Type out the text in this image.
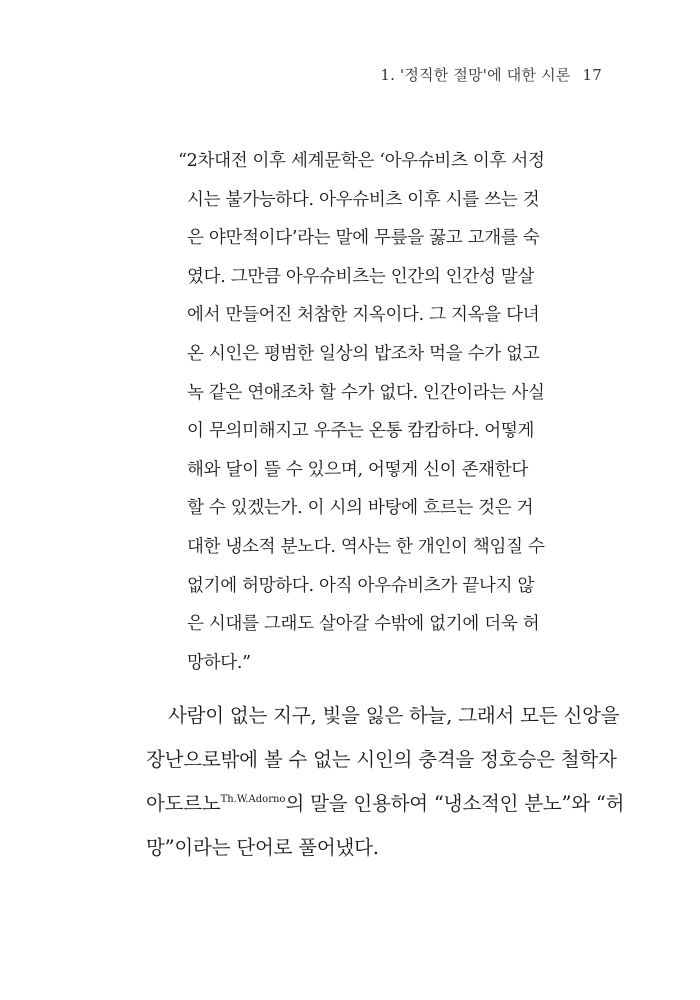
1. '정직한 절망'에 대한 시론 17
“2차대전 이후 세계문학은 ‘아우슈비츠 이후 서정
시는 불가능하다. 아우슈비츠 이후 시를 쓰는 것
은 야만적이다’라는 말에 무릎을 꿇고 고개를 숙
였다. 그만큼 아우슈비츠는 인간의 인간성 말살
에서 만들어진 처참한 지옥이다. 그 지옥을 다녀
온 시인은 평범한 일상의 밥조차 먹을 수가 없고
녹 같은 연애조차 할 수가 없다. 인간이라는 사실
이 무의미해지고 우주는 온통 캄캄하다. 어떻게
해와 달이 뜰 수 있으며, 어떻게 신이 존재한다
할 수 있겠는가. 이 시의 바탕에 흐르는 것은 거
대한 냉소적 분노다. 역사는 한 개인이 책임질 수
없기에 허망하다. 아직 아우슈비츠가 끝나지 않
은 시대를 그래도 살아갈 수밖에 없기에 더욱 허
망하다.”
사람이 없는 지구, 빛을 잃은 하늘, 그래서 모든 신앙을
장난으로밖에 볼 수 없는 시인의 충격을 정호승은 철학자
아도르노$^{Th.W.Adorno}$의 말을 인용하여 “냉소적인 분노”와 “허
망”이라는 단어로 풀어냈다.
